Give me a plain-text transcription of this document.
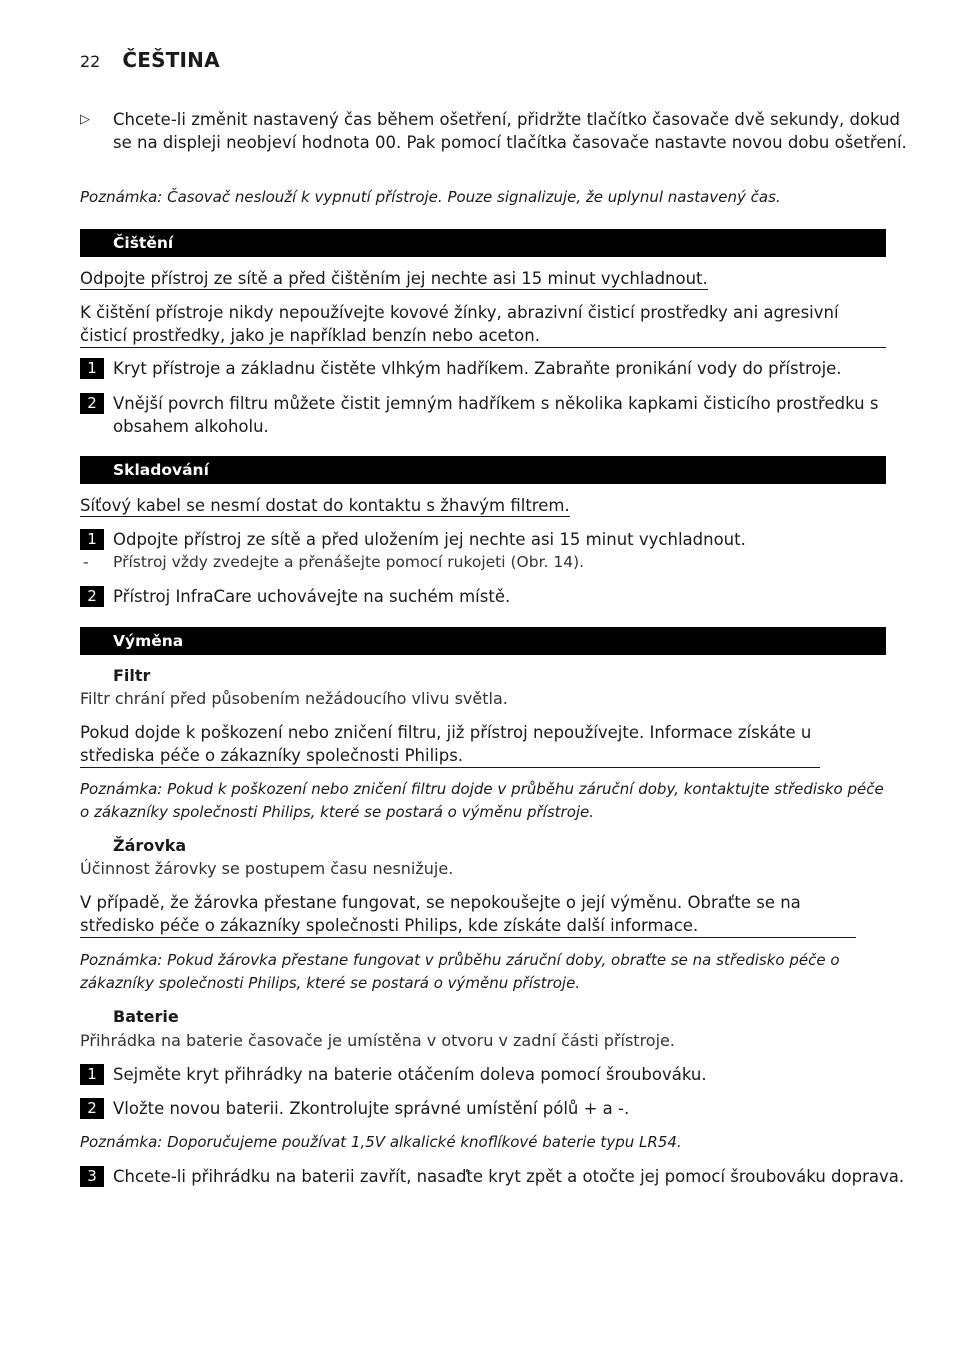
22 ČEŠTINA
▷ Chcete-li změnit nastavený čas během ošetření, přidržte tlačítko časovače dvě sekundy, dokud se na displeji neobjeví hodnota 00. Pak pomocí tlačítka časovače nastavte novou dobu ošetření.
Poznámka: Časovač neslouží k vypnutí přístroje. Pouze signalizuje, že uplynul nastavený čas.
Čištění
Odpojte přístroj ze sítě a před čištěním jej nechte asi 15 minut vychladnout.
K čištění přístroje nikdy nepoužívejte kovové žínky, abrazivní čisticí prostředky ani agresivní čisticí prostředky, jako je například benzín nebo aceton.
1 Kryt přístroje a základnu čistěte vlhkým hadříkem. Zabraňte pronikání vody do přístroje.
2 Vnější povrch filtru můžete čistit jemným hadříkem s několika kapkami čisticího prostředku s obsahem alkoholu.
Skladování
Síťový kabel se nesmí dostat do kontaktu s žhavým filtrem.
1 Odpojte přístroj ze sítě a před uložením jej nechte asi 15 minut vychladnout.
- Přístroj vždy zvedejte a přenášejte pomocí rukojeti (Obr. 14).
2 Přístroj InfraCare uchovávejte na suchém místě.
Výměna
Filtr
Filtr chrání před působením nežádoucího vlivu světla.
Pokud dojde k poškození nebo zničení filtru, již přístroj nepoužívejte. Informace získáte u střediska péče o zákazníky společnosti Philips.
Poznámka: Pokud k poškození nebo zničení filtru dojde v průběhu záruční doby, kontaktujte středisko péče o zákazníky společnosti Philips, které se postará o výměnu přístroje.
Žárovka
Účinnost žárovky se postupem času nesnižuje.
V případě, že žárovka přestane fungovat, se nepokoušejte o její výměnu. Obraťte se na středisko péče o zákazníky společnosti Philips, kde získáte další informace.
Poznámka: Pokud žárovka přestane fungovat v průběhu záruční doby, obraťte se na středisko péče o zákazníky společnosti Philips, které se postará o výměnu přístroje.
Baterie
Přihrádka na baterie časovače je umístěna v otvoru v zadní části přístroje.
1 Sejměte kryt přihrádky na baterie otáčením doleva pomocí šroubováku.
2 Vložte novou baterii. Zkontrolujte správné umístění pólů + a -.
Poznámka: Doporučujeme používat 1,5V alkalické knoflíkové baterie typu LR54.
3 Chcete-li přihrádku na baterii zavřít, nasaďte kryt zpět a otočte jej pomocí šroubováku doprava.
